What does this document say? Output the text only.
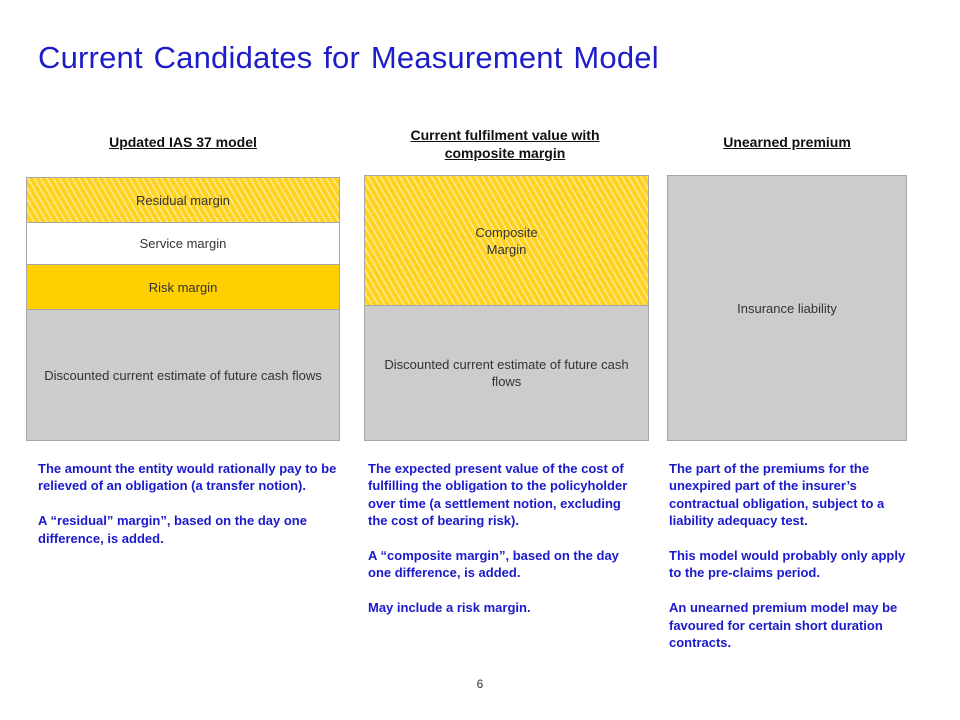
Current Candidates for Measurement Model
Updated IAS 37 model
Residual margin
Service margin
Risk margin
Discounted current estimate of future cash flows

The amount the entity would rationally pay to be relieved of an obligation (a transfer notion).

A “residual” margin”, based on the day one difference, is added.

Current fulfilment value with composite margin
Composite Margin
Discounted current estimate of future cash flows

The expected present value of the cost of fulfilling the obligation to the policyholder over time (a settlement notion, excluding the cost of bearing risk).

A “composite margin”, based on the day one difference, is added.

May include a risk margin.

Unearned premium
Insurance liability

The part of the premiums for the unexpired part of the insurer’s contractual obligation, subject to a liability adequacy test.

This model would probably only apply to the pre-claims period.

An unearned premium model may be favoured for certain short duration contracts.

6
